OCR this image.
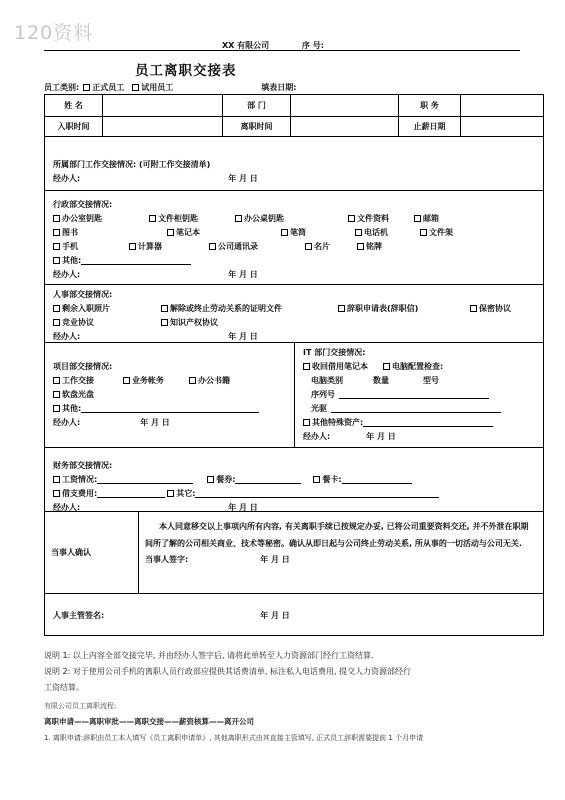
120资料
XX 有限公司	序 号:
员工离职交接表
员工类别: 正式员工 试用员工	填表日期:
姓 名	部 门	职 务
入职时间	离职时间	止薪日期
所属部门工作交接情况: (可附工作交接清单)
经办人:	年 月 日
行政部交接情况:
办公室钥匙	文件柜钥匙	办公桌钥匙	文件资料	邮箱
图书	笔记本	笔筒	电话机	文件架
手机	计算器	公司通讯录	名片	铭牌
其他:
经办人:	年 月 日
人事部交接情况:
剩余入职照片	解除或终止劳动关系的证明文件	辞职申请表(辞职信)	保密协议
竞业协议	知识产权协议
经办人:	年 月 日
项目部交接情况:
工作交接	业务帐务	办公书籍
软盘光盘
其他:
经办人:	年 月 日
IT 部门交接情况:
收回借用笔记本	电脑配置检查:
电脑类别	数量	型号
序列号
光驱
其他特殊资产:
经办人:	年 月 日
财务部交接情况:
工资情况:	餐券:	餐卡:
借支费用:	其它:
经办人:	年 月 日
当事人确认
本人同意移交以上事项内所有内容, 有关离职手续已按规定办妥, 已将公司重要资料交还, 并不外泄在职期间所了解的公司相关商业、技术等秘密。确认从即日起与公司终止劳动关系, 所从事的一切活动与公司无关.
当事人签字:	年 月 日
人事主管签名:	年 月 日
说明 1: 以上内容全部交接完毕, 并由经办人签字后, 请将此单转至人力资源部门经行工资结算.
说明 2: 对于使用公司手机的离职人员行政部应提供其话费清单, 标注私人电话费用, 提交人力资源部经行
工资结算。
有限公司员工离职流程:
离职申请——离职审批——离职交接——薪资核算——离开公司
1. 离职申请:辞职由员工本人填写《员工离职申请单》, 其他离职形式由其直接主管填写, 正式员工辞职需要提前 1 个月申请
